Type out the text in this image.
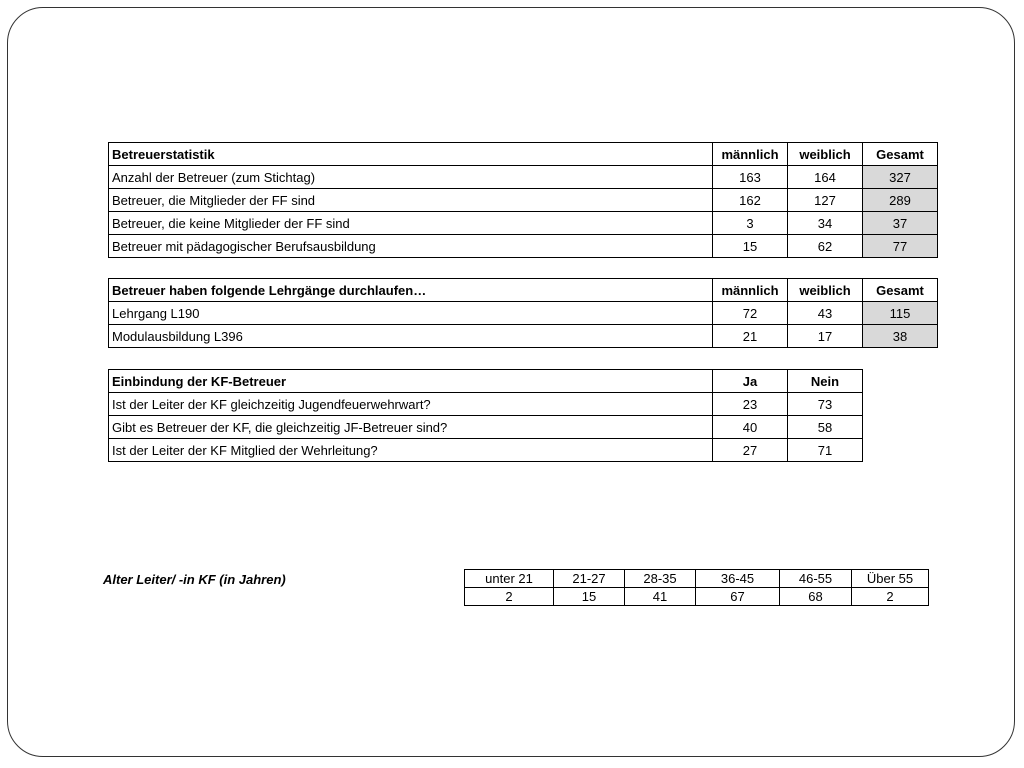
Betreuerstatistik	männlich	weiblich	Gesamt
Anzahl der Betreuer (zum Stichtag)	163	164	327
Betreuer, die Mitglieder der FF sind	162	127	289
Betreuer, die keine Mitglieder der FF sind	3	34	37
Betreuer mit pädagogischer Berufsausbildung	15	62	77
Betreuer haben folgende Lehrgänge durchlaufen…	männlich	weiblich	Gesamt
Lehrgang L190	72	43	115
Modulausbildung L396	21	17	38
Einbindung der KF-Betreuer	Ja	Nein
Ist der Leiter der KF gleichzeitig Jugendfeuerwehrwart?	23	73
Gibt es Betreuer der KF, die gleichzeitig JF-Betreuer sind?	40	58
Ist der Leiter der KF Mitglied der Wehrleitung?	27	71
Alter Leiter/ -in KF (in Jahren)	unter 21	21-27	28-35	36-45	46-55	Über 55
2	15	41	67	68	2
